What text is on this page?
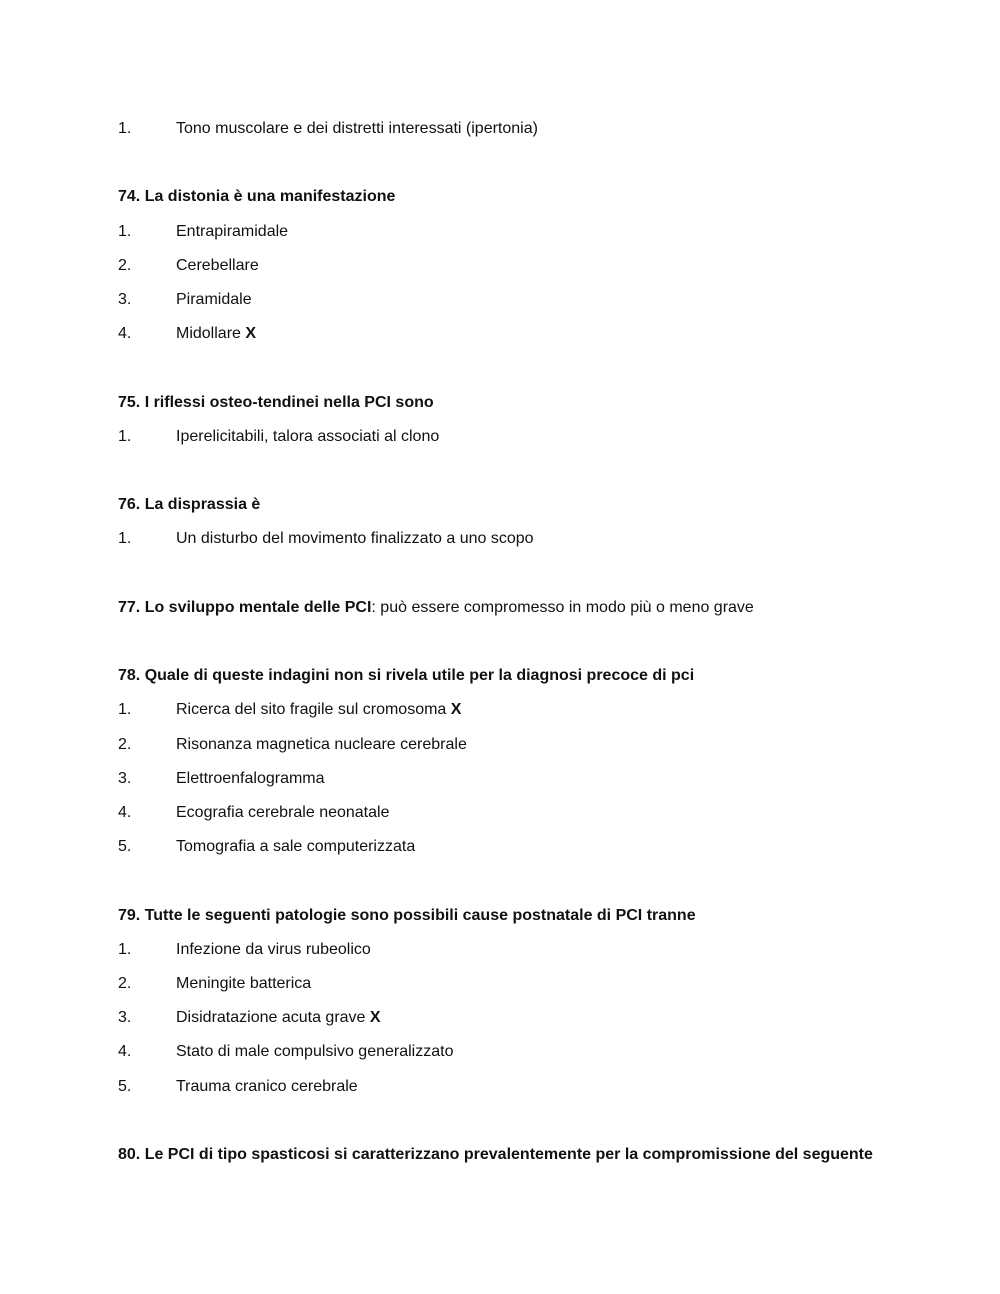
1.	Tono muscolare e dei distretti interessati (ipertonia)
74. La distonia è una manifestazione
1.	Entrapiramidale
2.	Cerebellare
3.	Piramidale
4.	Midollare X
75. I riflessi osteo-tendinei nella PCI sono
1.	Iperelicitabili, talora associati al clono
76. La disprassia è
1.	Un disturbo del movimento finalizzato a uno scopo
77. Lo sviluppo mentale delle PCI: può essere compromesso in modo più o meno grave
78. Quale di queste indagini non si rivela utile per la diagnosi precoce di pci
1.	Ricerca del sito fragile sul cromosoma X
2.	Risonanza magnetica nucleare cerebrale
3.	Elettroenfalogramma
4.	Ecografia cerebrale neonatale
5.	Tomografia a sale computerizzata
79. Tutte le seguenti patologie sono possibili cause postnatale di PCI tranne
1.	Infezione da virus rubeolico
2.	Meningite batterica
3.	Disidratazione acuta grave X
4.	Stato di male compulsivo generalizzato
5.	Trauma cranico cerebrale
80. Le PCI di tipo spasticosi si caratterizzano prevalentemente per la compromissione del seguente
